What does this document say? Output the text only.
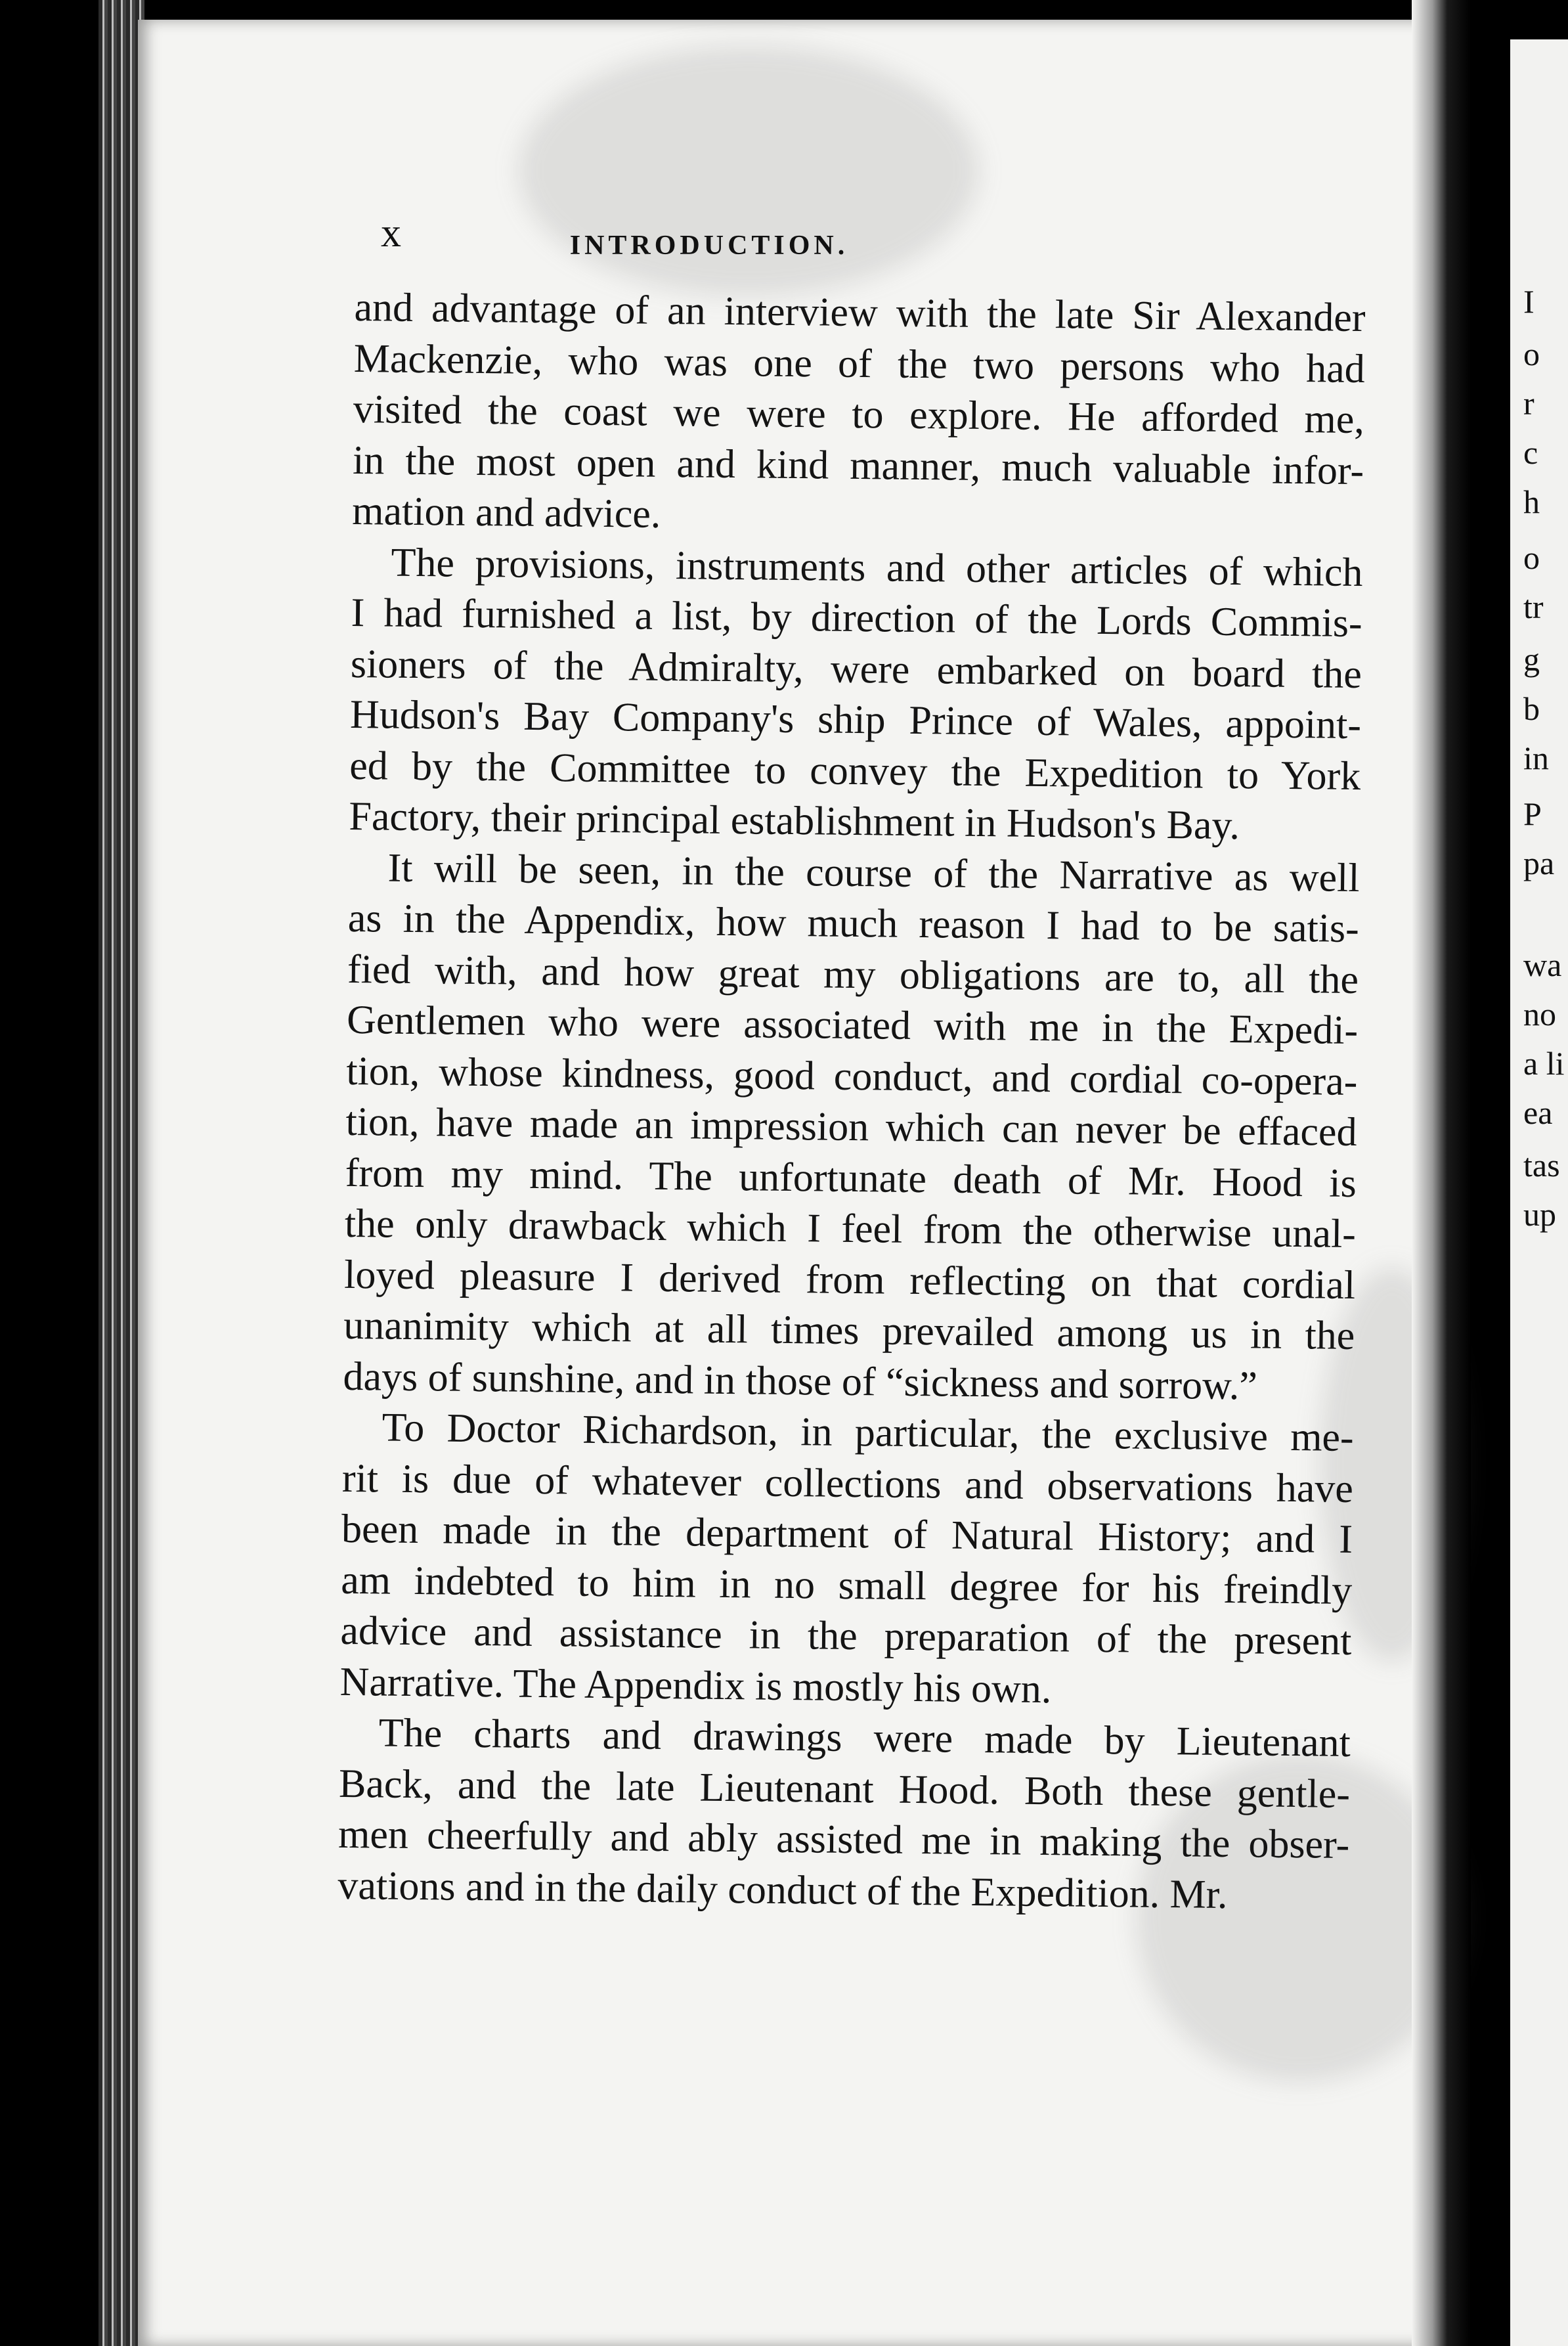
I
o
r
c
h
o
tr
g
b
in
P
pa
wa
no
a li
ea
tas
up
x	INTRODUCTION.
and advantage of an interview with the late Sir Alexander
Mackenzie, who was one of the two persons who had
visited the coast we were to explore. He afforded me,
in the most open and kind manner, much valuable infor-
mation and advice.
The provisions, instruments and other articles of which
I had furnished a list, by direction of the Lords Commis-
sioners of the Admiralty, were embarked on board the
Hudson's Bay Company's ship Prince of Wales, appoint-
ed by the Committee to convey the Expedition to York
Factory, their principal establishment in Hudson's Bay.
It will be seen, in the course of the Narrative as well
as in the Appendix, how much reason I had to be satis-
fied with, and how great my obligations are to, all the
Gentlemen who were associated with me in the Expedi-
tion, whose kindness, good conduct, and cordial co-opera-
tion, have made an impression which can never be effaced
from my mind. The unfortunate death of Mr. Hood is
the only drawback which I feel from the otherwise unal-
loyed pleasure I derived from reflecting on that cordial
unanimity which at all times prevailed among us in the
days of sunshine, and in those of “sickness and sorrow.”
To Doctor Richardson, in particular, the exclusive me-
rit is due of whatever collections and observations have
been made in the department of Natural History; and I
am indebted to him in no small degree for his freindly
advice and assistance in the preparation of the present
Narrative. The Appendix is mostly his own.
The charts and drawings were made by Lieutenant
Back, and the late Lieutenant Hood. Both these gentle-
men cheerfully and ably assisted me in making the obser-
vations and in the daily conduct of the Expedition. Mr.
